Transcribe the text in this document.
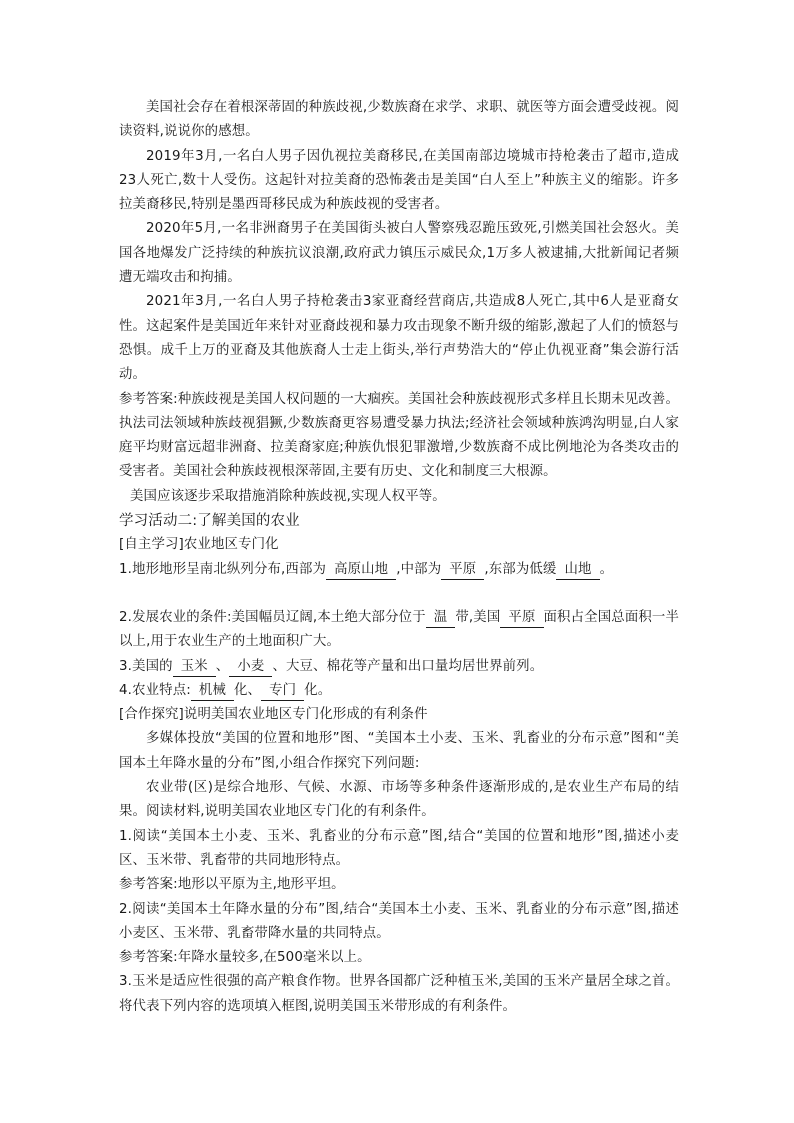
美国社会存在着根深蒂固的种族歧视,少数族裔在求学、求职、就医等方面会遭受歧视。阅读资料,说说你的感想。

2019年3月,一名白人男子因仇视拉美裔移民,在美国南部边境城市持枪袭击了超市,造成23人死亡,数十人受伤。这起针对拉美裔的恐怖袭击是美国“白人至上”种族主义的缩影。许多拉美裔移民,特别是墨西哥移民成为种族歧视的受害者。

2020年5月,一名非洲裔男子在美国街头被白人警察残忍跪压致死,引燃美国社会怒火。美国各地爆发广泛持续的种族抗议浪潮,政府武力镇压示威民众,1万多人被逮捕,大批新闻记者频遭无端攻击和拘捕。

2021年3月,一名白人男子持枪袭击3家亚裔经营商店,共造成8人死亡,其中6人是亚裔女性。这起案件是美国近年来针对亚裔歧视和暴力攻击现象不断升级的缩影,激起了人们的愤怒与恐惧。成千上万的亚裔及其他族裔人士走上街头,举行声势浩大的“停止仇视亚裔”集会游行活动。

参考答案:种族歧视是美国人权问题的一大痼疾。美国社会种族歧视形式多样且长期未见改善。执法司法领域种族歧视猖獗,少数族裔更容易遭受暴力执法;经济社会领域种族鸿沟明显,白人家庭平均财富远超非洲裔、拉美裔家庭;种族仇恨犯罪激增,少数族裔不成比例地沦为各类攻击的受害者。美国社会种族歧视根深蒂固,主要有历史、文化和制度三大根源。

美国应该逐步采取措施消除种族歧视,实现人权平等。

学习活动二:了解美国的农业

[自主学习]农业地区专门化

1.地形地形呈南北纵列分布,西部为 高原山地 ,中部为 平原 ,东部为低缓 山地 。

2.发展农业的条件:美国幅员辽阔,本土绝大部分位于 温 带,美国 平原 面积占全国总面积一半以上,用于农业生产的土地面积广大。

3.美国的 玉米 、 小麦 、大豆、棉花等产量和出口量均居世界前列。

4.农业特点: 机械 化、 专门 化。

[合作探究]说明美国农业地区专门化形成的有利条件

多媒体投放“美国的位置和地形”图、“美国本土小麦、玉米、乳畜业的分布示意”图和“美国本土年降水量的分布”图,小组合作探究下列问题:

农业带(区)是综合地形、气候、水源、市场等多种条件逐渐形成的,是农业生产布局的结果。阅读材料,说明美国农业地区专门化的有利条件。

1.阅读“美国本土小麦、玉米、乳畜业的分布示意”图,结合“美国的位置和地形”图,描述小麦区、玉米带、乳畜带的共同地形特点。

参考答案:地形以平原为主,地形平坦。

2.阅读“美国本土年降水量的分布”图,结合“美国本土小麦、玉米、乳畜业的分布示意”图,描述小麦区、玉米带、乳畜带降水量的共同特点。

参考答案:年降水量较多,在500毫米以上。

3.玉米是适应性很强的高产粮食作物。世界各国都广泛种植玉米,美国的玉米产量居全球之首。将代表下列内容的选项填入框图,说明美国玉米带形成的有利条件。
